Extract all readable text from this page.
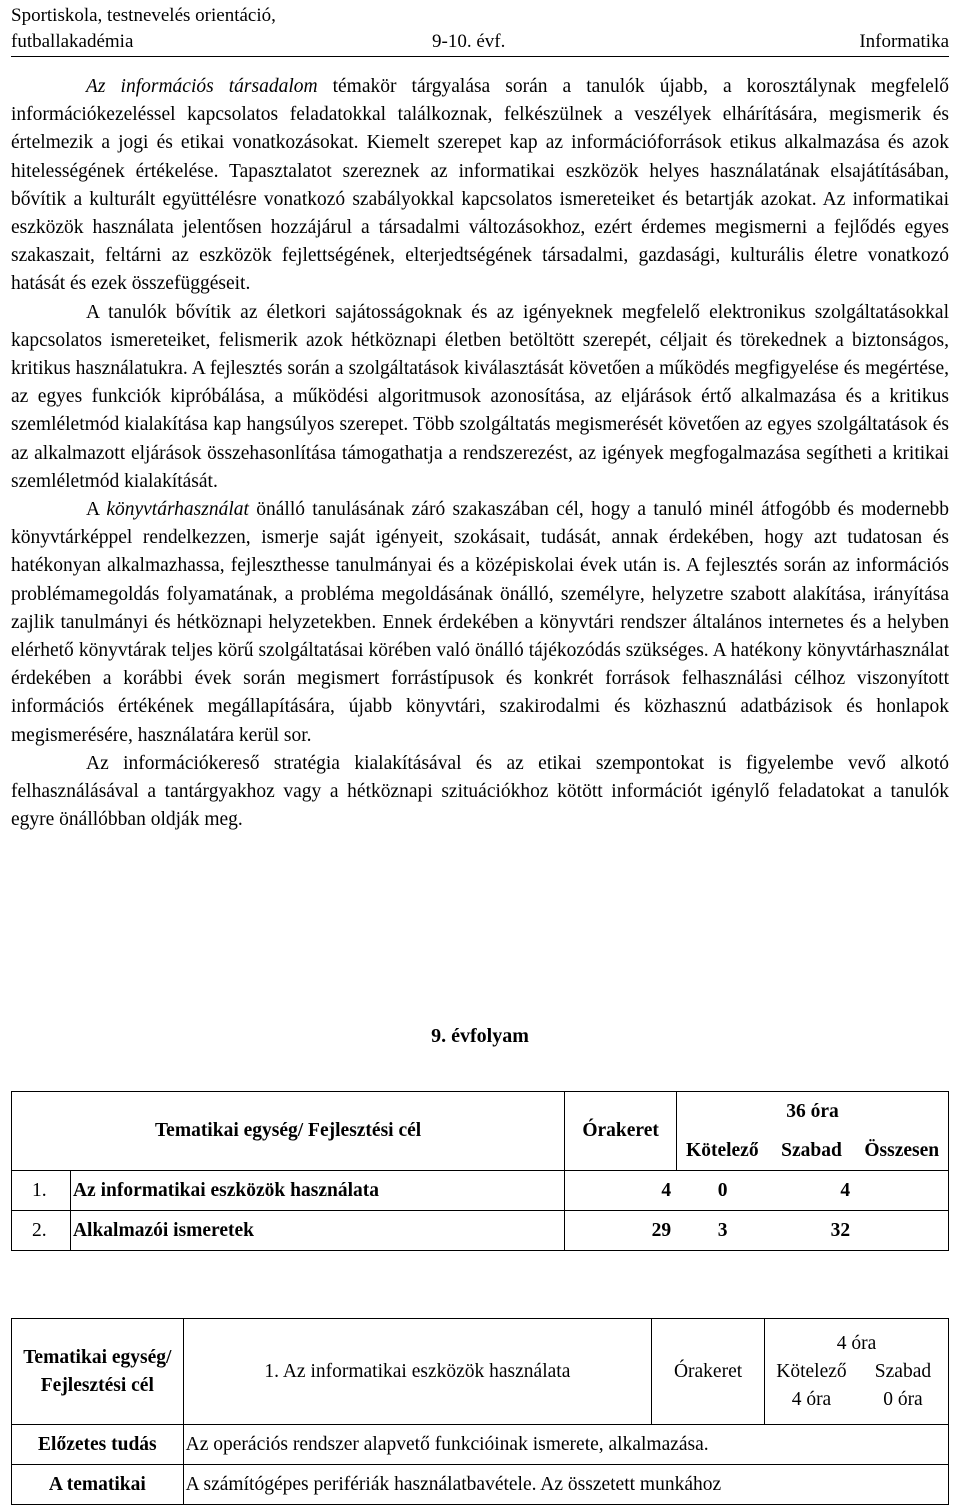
Sportiskola, testnevelés orientáció,
futballakadémia	9-10. évf.	Informatika

Az információs társadalom témakör tárgyalása során a tanulók újabb, a korosztálynak megfelelő információkezeléssel kapcsolatos feladatokkal találkoznak, felkészülnek a veszélyek elhárítására, megismerik és értelmezik a jogi és etikai vonatkozásokat. Kiemelt szerepet kap az információforrások etikus alkalmazása és azok hitelességének értékelése. Tapasztalatot szereznek az informatikai eszközök helyes használatának elsajátításában, bővítik a kulturált együttélésre vonatkozó szabályokkal kapcsolatos ismereteiket és betartják azokat. Az informatikai eszközök használata jelentősen hozzájárul a társadalmi változásokhoz, ezért érdemes megismerni a fejlődés egyes szakaszait, feltárni az eszközök fejlettségének, elterjedtségének társadalmi, gazdasági, kulturális életre vonatkozó hatását és ezek összefüggéseit.

A tanulók bővítik az életkori sajátosságoknak és az igényeknek megfelelő elektronikus szolgáltatásokkal kapcsolatos ismereteiket, felismerik azok hétköznapi életben betöltött szerepét, céljait és törekednek a biztonságos, kritikus használatukra. A fejlesztés során a szolgáltatások kiválasztását követően a működés megfigyelése és megértése, az egyes funkciók kipróbálása, a működési algoritmusok azonosítása, az eljárások értő alkalmazása és a kritikus szemléletmód kialakítása kap hangsúlyos szerepet. Több szolgáltatás megismerését követően az egyes szolgáltatások és az alkalmazott eljárások összehasonlítása támogathatja a rendszerezést, az igények megfogalmazása segítheti a kritikai szemléletmód kialakítását.

A könyvtárhasználat önálló tanulásának záró szakaszában cél, hogy a tanuló minél átfogóbb és modernebb könyvtárképpel rendelkezzen, ismerje saját igényeit, szokásait, tudását, annak érdekében, hogy azt tudatosan és hatékonyan alkalmazhassa, fejleszthesse tanulmányai és a középiskolai évek után is. A fejlesztés során az információs problémamegoldás folyamatának, a probléma megoldásának önálló, személyre, helyzetre szabott alakítása, irányítása zajlik tanulmányi és hétköznapi helyzetekben. Ennek érdekében a könyvtári rendszer általános internetes és a helyben elérhető könyvtárak teljes körű szolgáltatásai körében való önálló tájékozódás szükséges. A hatékony könyvtárhasználat érdekében a korábbi évek során megismert forrástípusok és konkrét források felhasználási célhoz viszonyított információs értékének megállapítására, újabb könyvtári, szakirodalmi és közhasznú adatbázisok és honlapok megismerésére, használatára kerül sor.

Az információkereső stratégia kialakításával és az etikai szempontokat is figyelembe vevő alkotó felhasználásával a tantárgyakhoz vagy a hétköznapi szituációkhoz kötött információt igénylő feladatokat a tanulók egyre önállóbban oldják meg.

9. évfolyam
Tematikai egység/ Fejlesztési cél		Órakeret	36 óra		
			Kötelező	Szabad	Összesen
1.	Az informatikai eszközök használata	4 0 4			

2.	Alkalmazói ismeretek	29 3 32			
Tematikai egység/ Fejlesztési cél	1. Az informatikai eszközök használata	Órakeret	4 óra
Kötelező Szabad
4 óra 0 óra

Előzetes tudás	Az operációs rendszer alapvető funkcióinak ismerete, alkalmazása.		
A tematikai	A számítógépes perifériák használatbavétele. Az összetett munkához		
